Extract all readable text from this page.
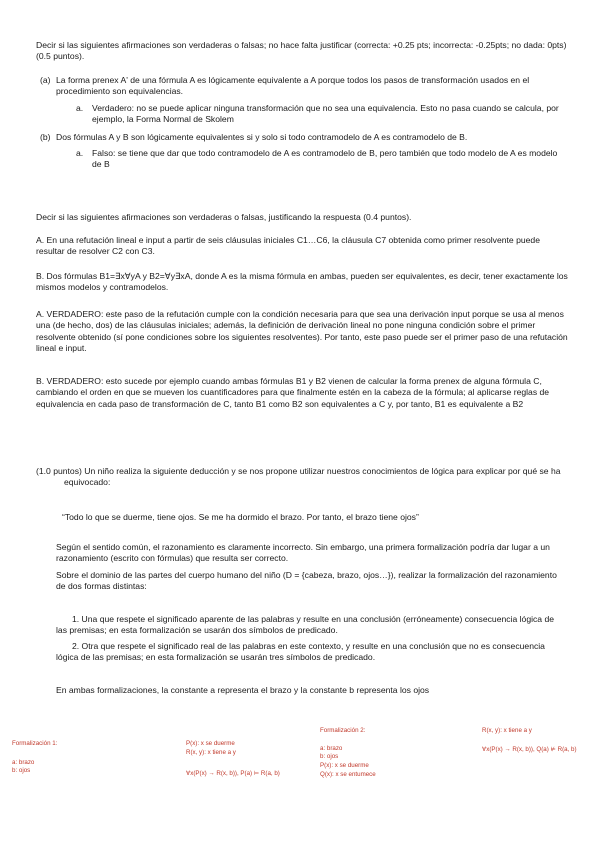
Decir si las siguientes afirmaciones son verdaderas o falsas; no hace falta justificar (correcta: +0.25 pts; incorrecta: -0.25pts; no dada: 0pts) (0.5 puntos).

(a) La forma prenex A' de una fórmula A es lógicamente equivalente a A porque todos los pasos de transformación usados en el procedimiento son equivalencias.

a. Verdadero: no se puede aplicar ninguna transformación que no sea una equivalencia. Esto no pasa cuando se calcula, por ejemplo, la Forma Normal de Skolem

(b) Dos fórmulas A y B son lógicamente equivalentes si y solo si todo contramodelo de A es contramodelo de B.

a. Falso: se tiene que dar que todo contramodelo de A es contramodelo de B, pero también que todo modelo de A es modelo de B

Decir si las siguientes afirmaciones son verdaderas o falsas, justificando la respuesta (0.4 puntos).

A. En una refutación lineal e input a partir de seis cláusulas iniciales C1…C6, la cláusula C7 obtenida como primer resolvente puede resultar de resolver C2 con C3.

B. Dos fórmulas B1=∃x∀yA y B2=∀y∃xA, donde A es la misma fórmula en ambas, pueden ser equivalentes, es decir, tener exactamente los mismos modelos y contramodelos.

A. VERDADERO: este paso de la refutación cumple con la condición necesaria para que sea una derivación input porque se usa al menos una (de hecho, dos) de las cláusulas iniciales; además, la definición de derivación lineal no pone ninguna condición sobre el primer resolvente obtenido (sí pone condiciones sobre los siguientes resolventes). Por tanto, este paso puede ser el primer paso de una refutación lineal e input.

B. VERDADERO: esto sucede por ejemplo cuando ambas fórmulas B1 y B2 vienen de calcular la forma prenex de alguna fórmula C, cambiando el orden en que se mueven los cuantificadores para que finalmente estén en la cabeza de la fórmula; al aplicarse reglas de equivalencia en cada paso de transformación de C, tanto B1 como B2 son equivalentes a C y, por tanto, B1 es equivalente a B2

(1.0 puntos) Un niño realiza la siguiente deducción y se nos propone utilizar nuestros conocimientos de lógica para explicar por qué se ha equivocado:

“Todo lo que se duerme, tiene ojos. Se me ha dormido el brazo. Por tanto, el brazo tiene ojos”

Según el sentido común, el razonamiento es claramente incorrecto. Sin embargo, una primera formalización podría dar lugar a un razonamiento (escrito con fórmulas) que resulta ser correcto.

Sobre el dominio de las partes del cuerpo humano del niño (D = {cabeza, brazo, ojos…}), realizar la formalización del razonamiento de dos formas distintas:

1. Una que respete el significado aparente de las palabras y resulte en una conclusión (erróneamente) consecuencia lógica de las premisas; en esta formalización se usarán dos símbolos de predicado.

2. Otra que respete el significado real de las palabras en este contexto, y resulte en una conclusión que no es consecuencia lógica de las premisas; en esta formalización se usarán tres símbolos de predicado.

En ambas formalizaciones, la constante a representa el brazo y la constante b representa los ojos

Formalización 1:
a: brazo
b: ojos
P(x): x se duerme
R(x, y): x tiene a y
∀x(P(x) → R(x, b)), P(a) ⊨ R(a, b)
Formalización 2:
a: brazo
b: ojos
P(x): x se duerme
Q(x): x se entumece
R(x, y): x tiene a y
∀x(P(x) → R(x, b)), Q(a) ⊭ R(a, b)
